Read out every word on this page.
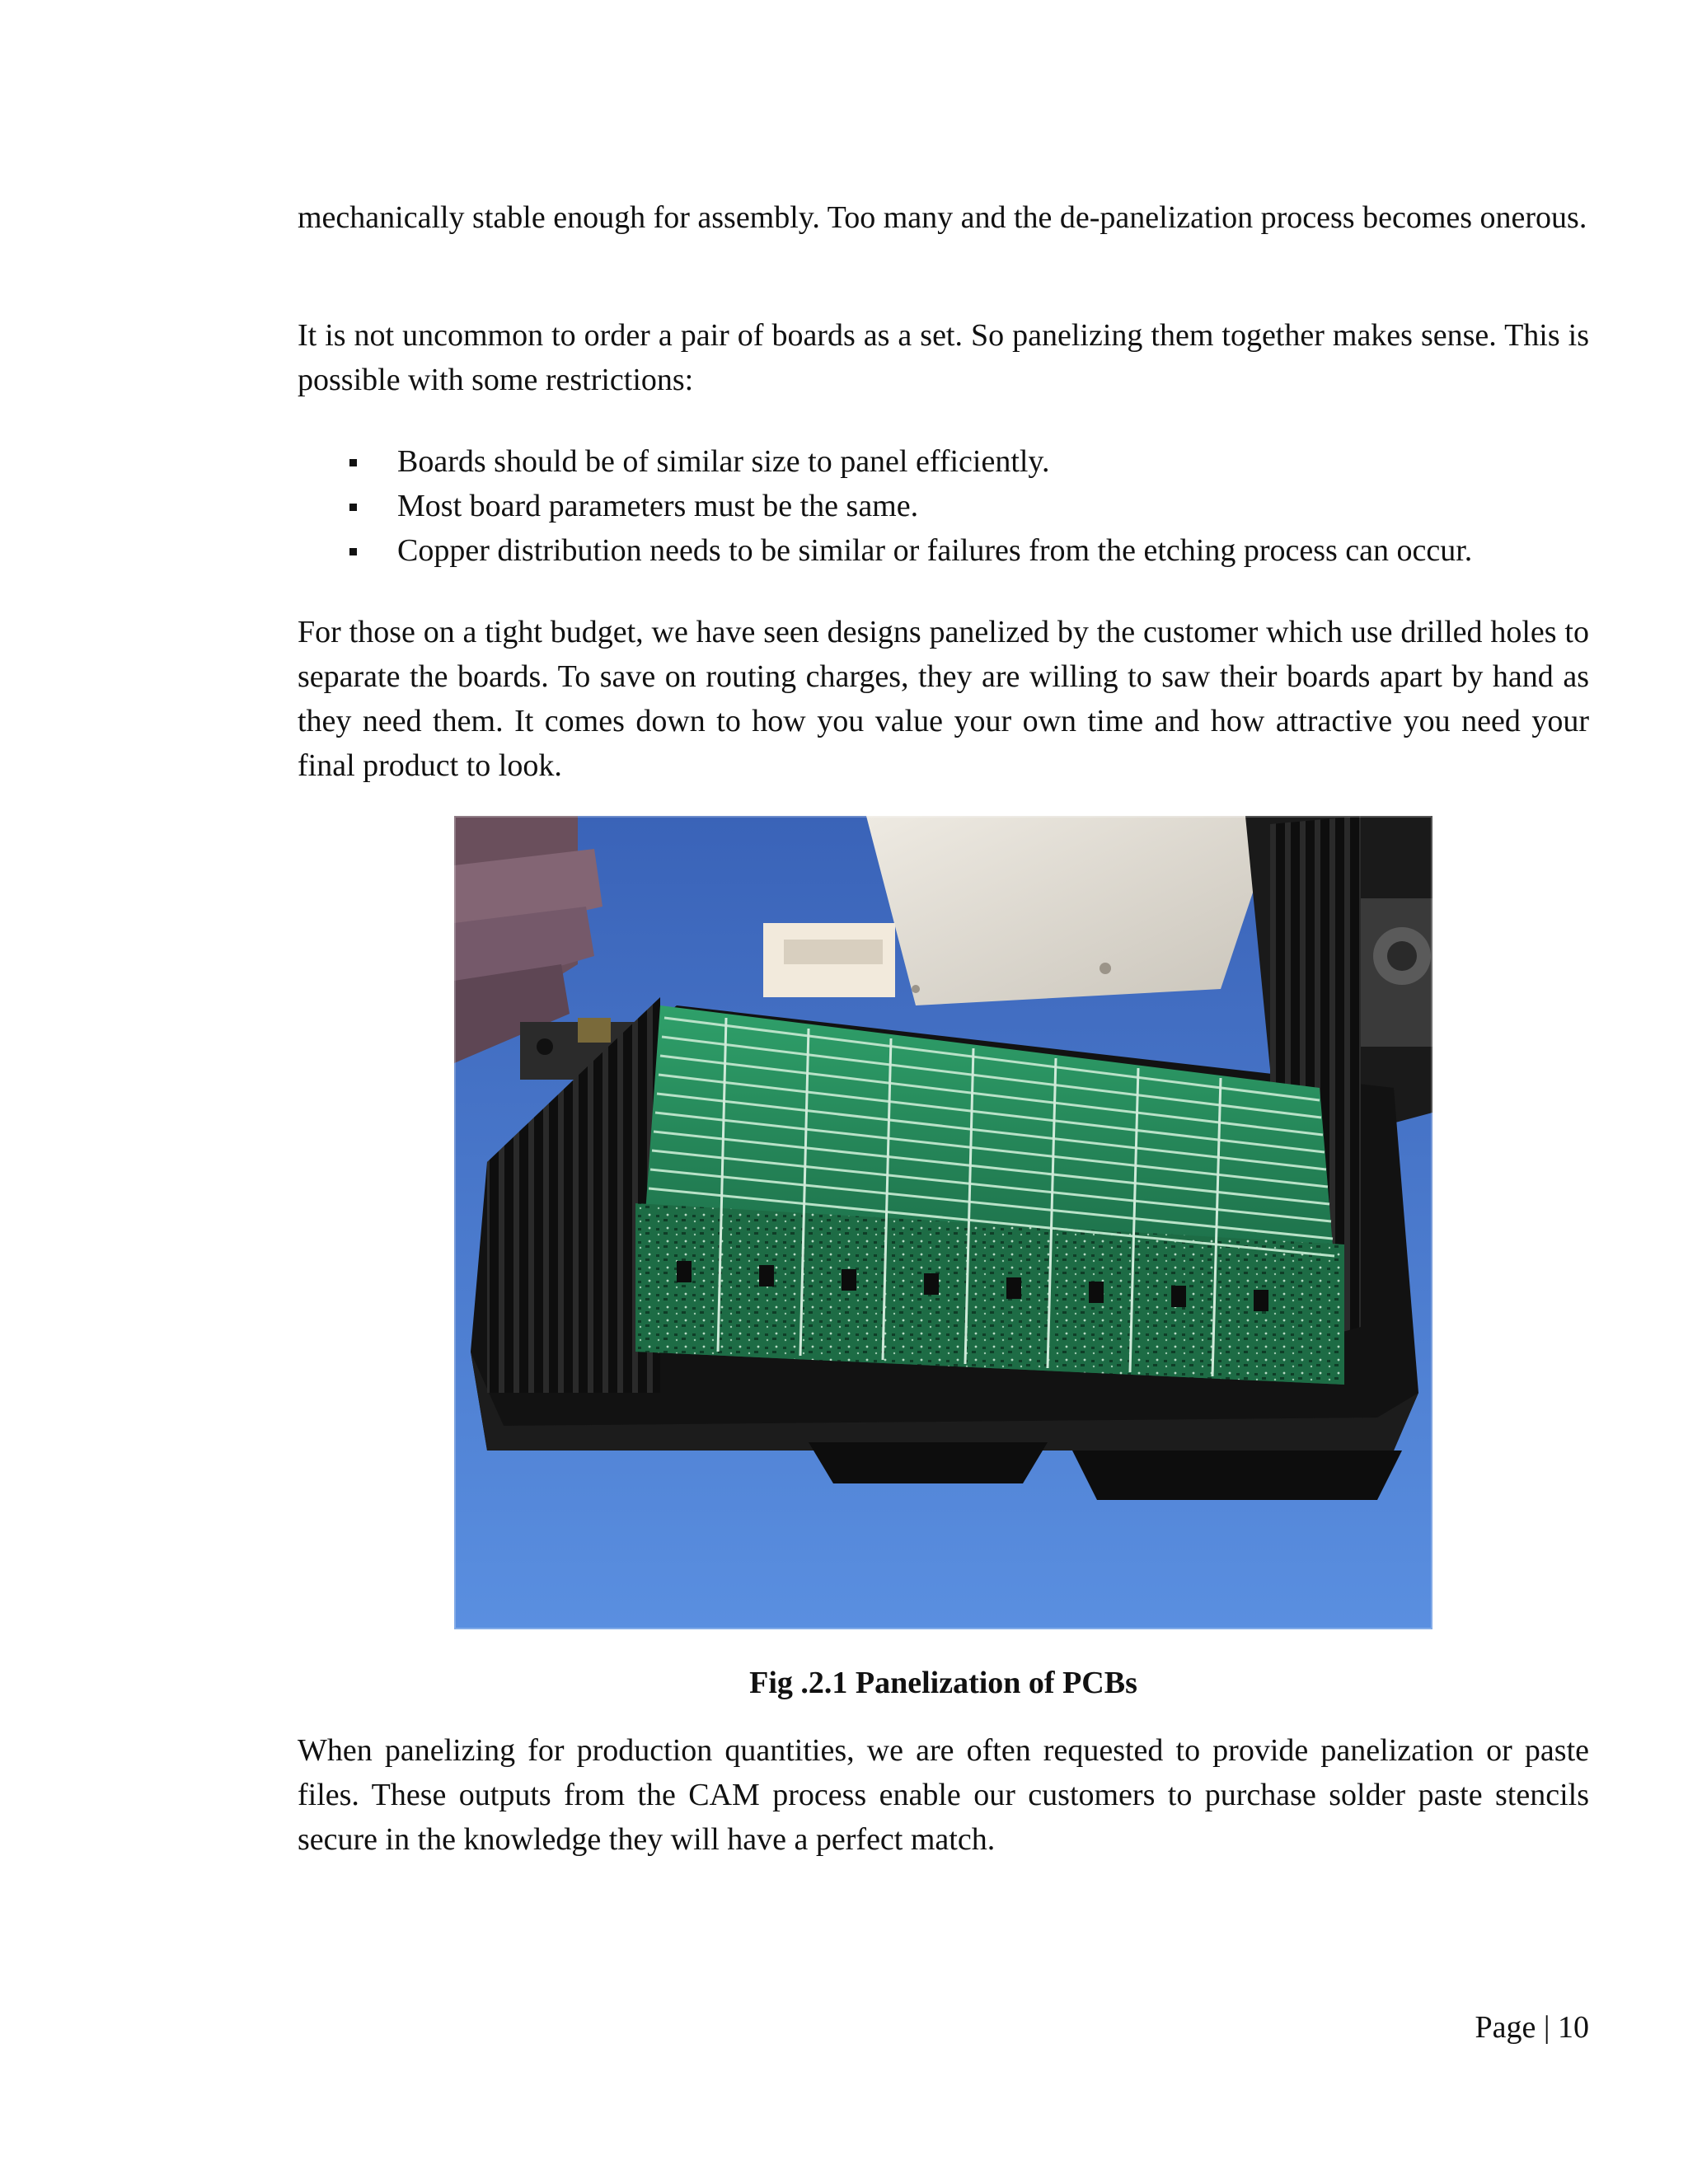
mechanically stable enough for assembly. Too many and the de-panelization process becomes onerous.

It is not uncommon to order a pair of boards as a set. So panelizing them together makes sense. This is possible with some restrictions:

Boards should be of similar size to panel efficiently.
Most board parameters must be the same.
Copper distribution needs to be similar or failures from the etching process can occur.

For those on a tight budget, we have seen designs panelized by the customer which use drilled holes to separate the boards. To save on routing charges, they are willing to saw their boards apart by hand as they need them. It comes down to how you value your own time and how attractive you need your final product to look.

Fig .2.1 Panelization of PCBs

When panelizing for production quantities, we are often requested to provide panelization or paste files. These outputs from the CAM process enable our customers to purchase solder paste stencils secure in the knowledge they will have a perfect match.

Page | 10
